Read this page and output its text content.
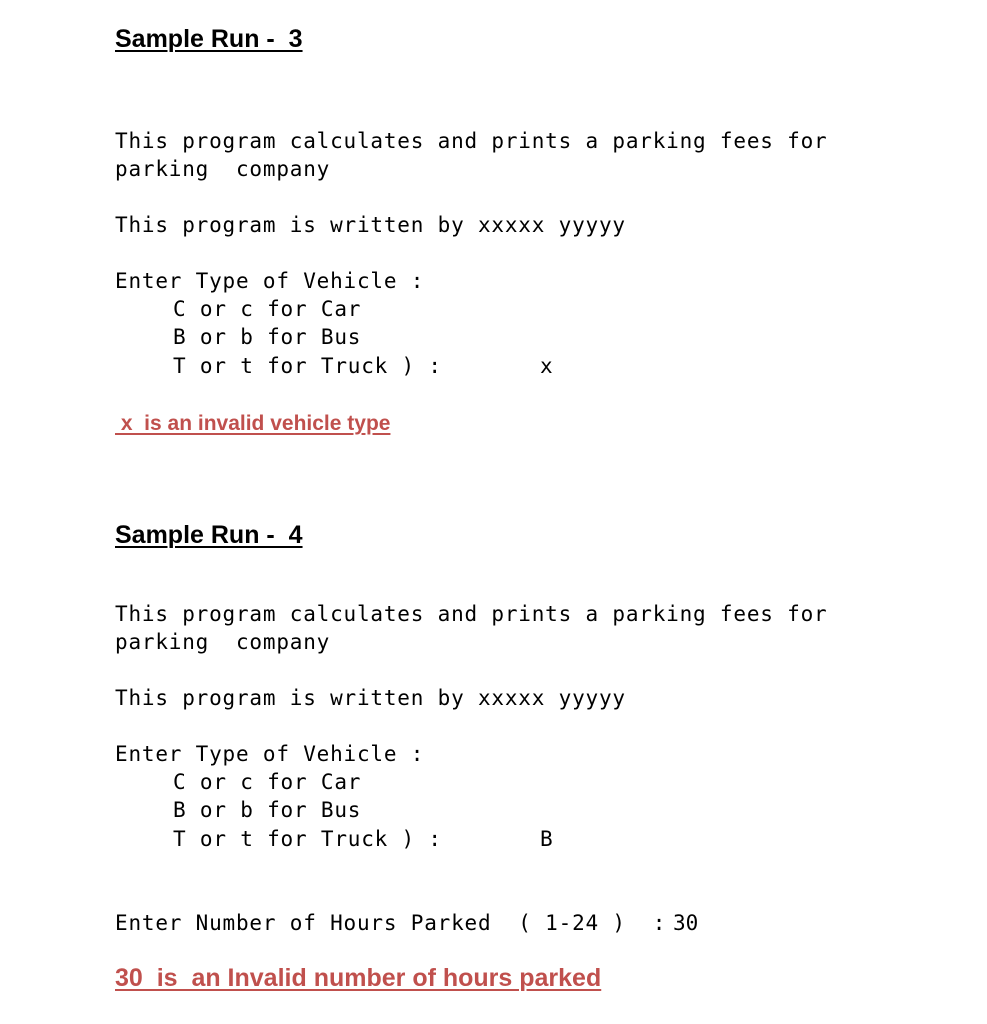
Sample Run -  3
This program calculates and prints a parking fees for
parking  company
This program is written by xxxxx yyyyy
Enter Type of Vehicle :
C or c for Car
B or b for Bus
T or t for Truck ) :	x
x  is an invalid vehicle type
Sample Run -  4
This program calculates and prints a parking fees for
parking  company
This program is written by xxxxx yyyyy
Enter Type of Vehicle :
C or c for Car
B or b for Bus
T or t for Truck ) :	B
Enter Number of Hours Parked  ( 1-24 )  : 30
30  is  an Invalid number of hours parked
